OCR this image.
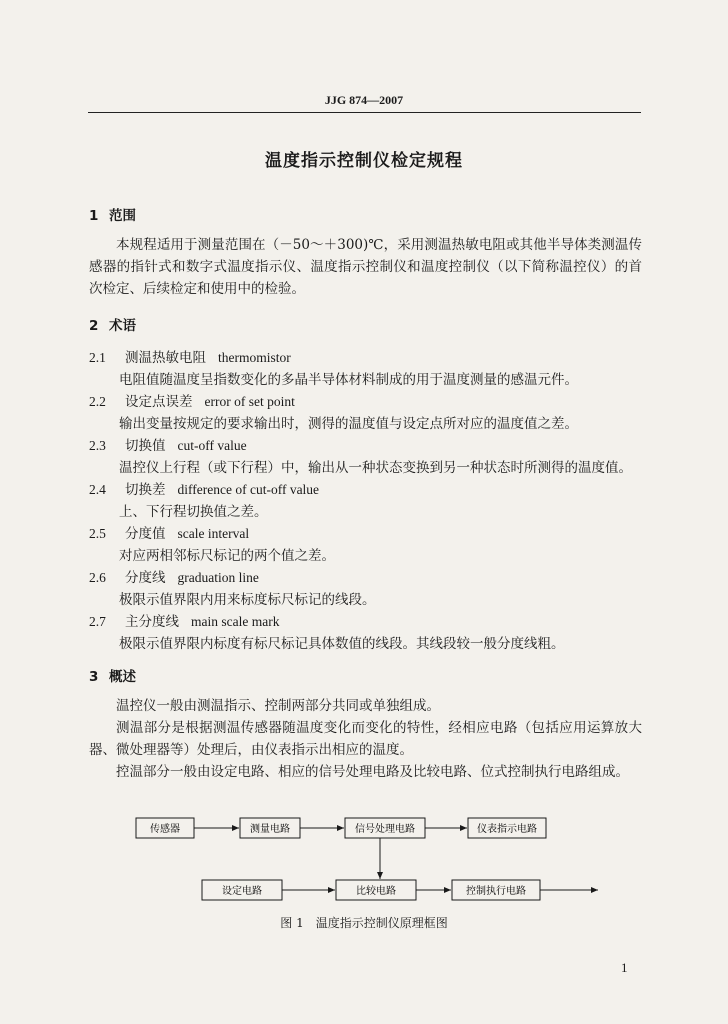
JJG 874—2007
温度指示控制仪检定规程
1 范围

本规程适用于测量范围在（－50～＋300)℃，采用测温热敏电阻或其他半导体类测温传感器的指针式和数字式温度指示仪、温度指示控制仪和温度控制仪（以下简称温控仪）的首次检定、后续检定和使用中的检验。

2 术语
2.1 测温热敏电阻 thermomistor
电阻值随温度呈指数变化的多晶半导体材料制成的用于温度测量的感温元件。
2.2 设定点误差 error of set point
输出变量按规定的要求输出时，测得的温度值与设定点所对应的温度值之差。
2.3 切换值 cut-off value
温控仪上行程（或下行程）中，输出从一种状态变换到另一种状态时所测得的温度值。
2.4 切换差 difference of cut-off value
上、下行程切换值之差。
2.5 分度值 scale interval
对应两相邻标尺标记的两个值之差。
2.6 分度线 graduation line
极限示值界限内用来标度标尺标记的线段。
2.7 主分度线 main scale mark
极限示值界限内标度有标尺标记具体数值的线段。其线段较一般分度线粗。
3 概述

温控仪一般由测温指示、控制两部分共同或单独组成。

测温部分是根据测温传感器随温度变化而变化的特性，经相应电路（包括应用运算放大器、微处理器等）处理后，由仪表指示出相应的温度。

控温部分一般由设定电路、相应的信号处理电路及比较电路、位式控制执行电路组成。

传感器	测量电路	信号处理电路	仪表指示电路
设定电路	比较电路	控制执行电路
图 1 温度指示控制仪原理框图
1
